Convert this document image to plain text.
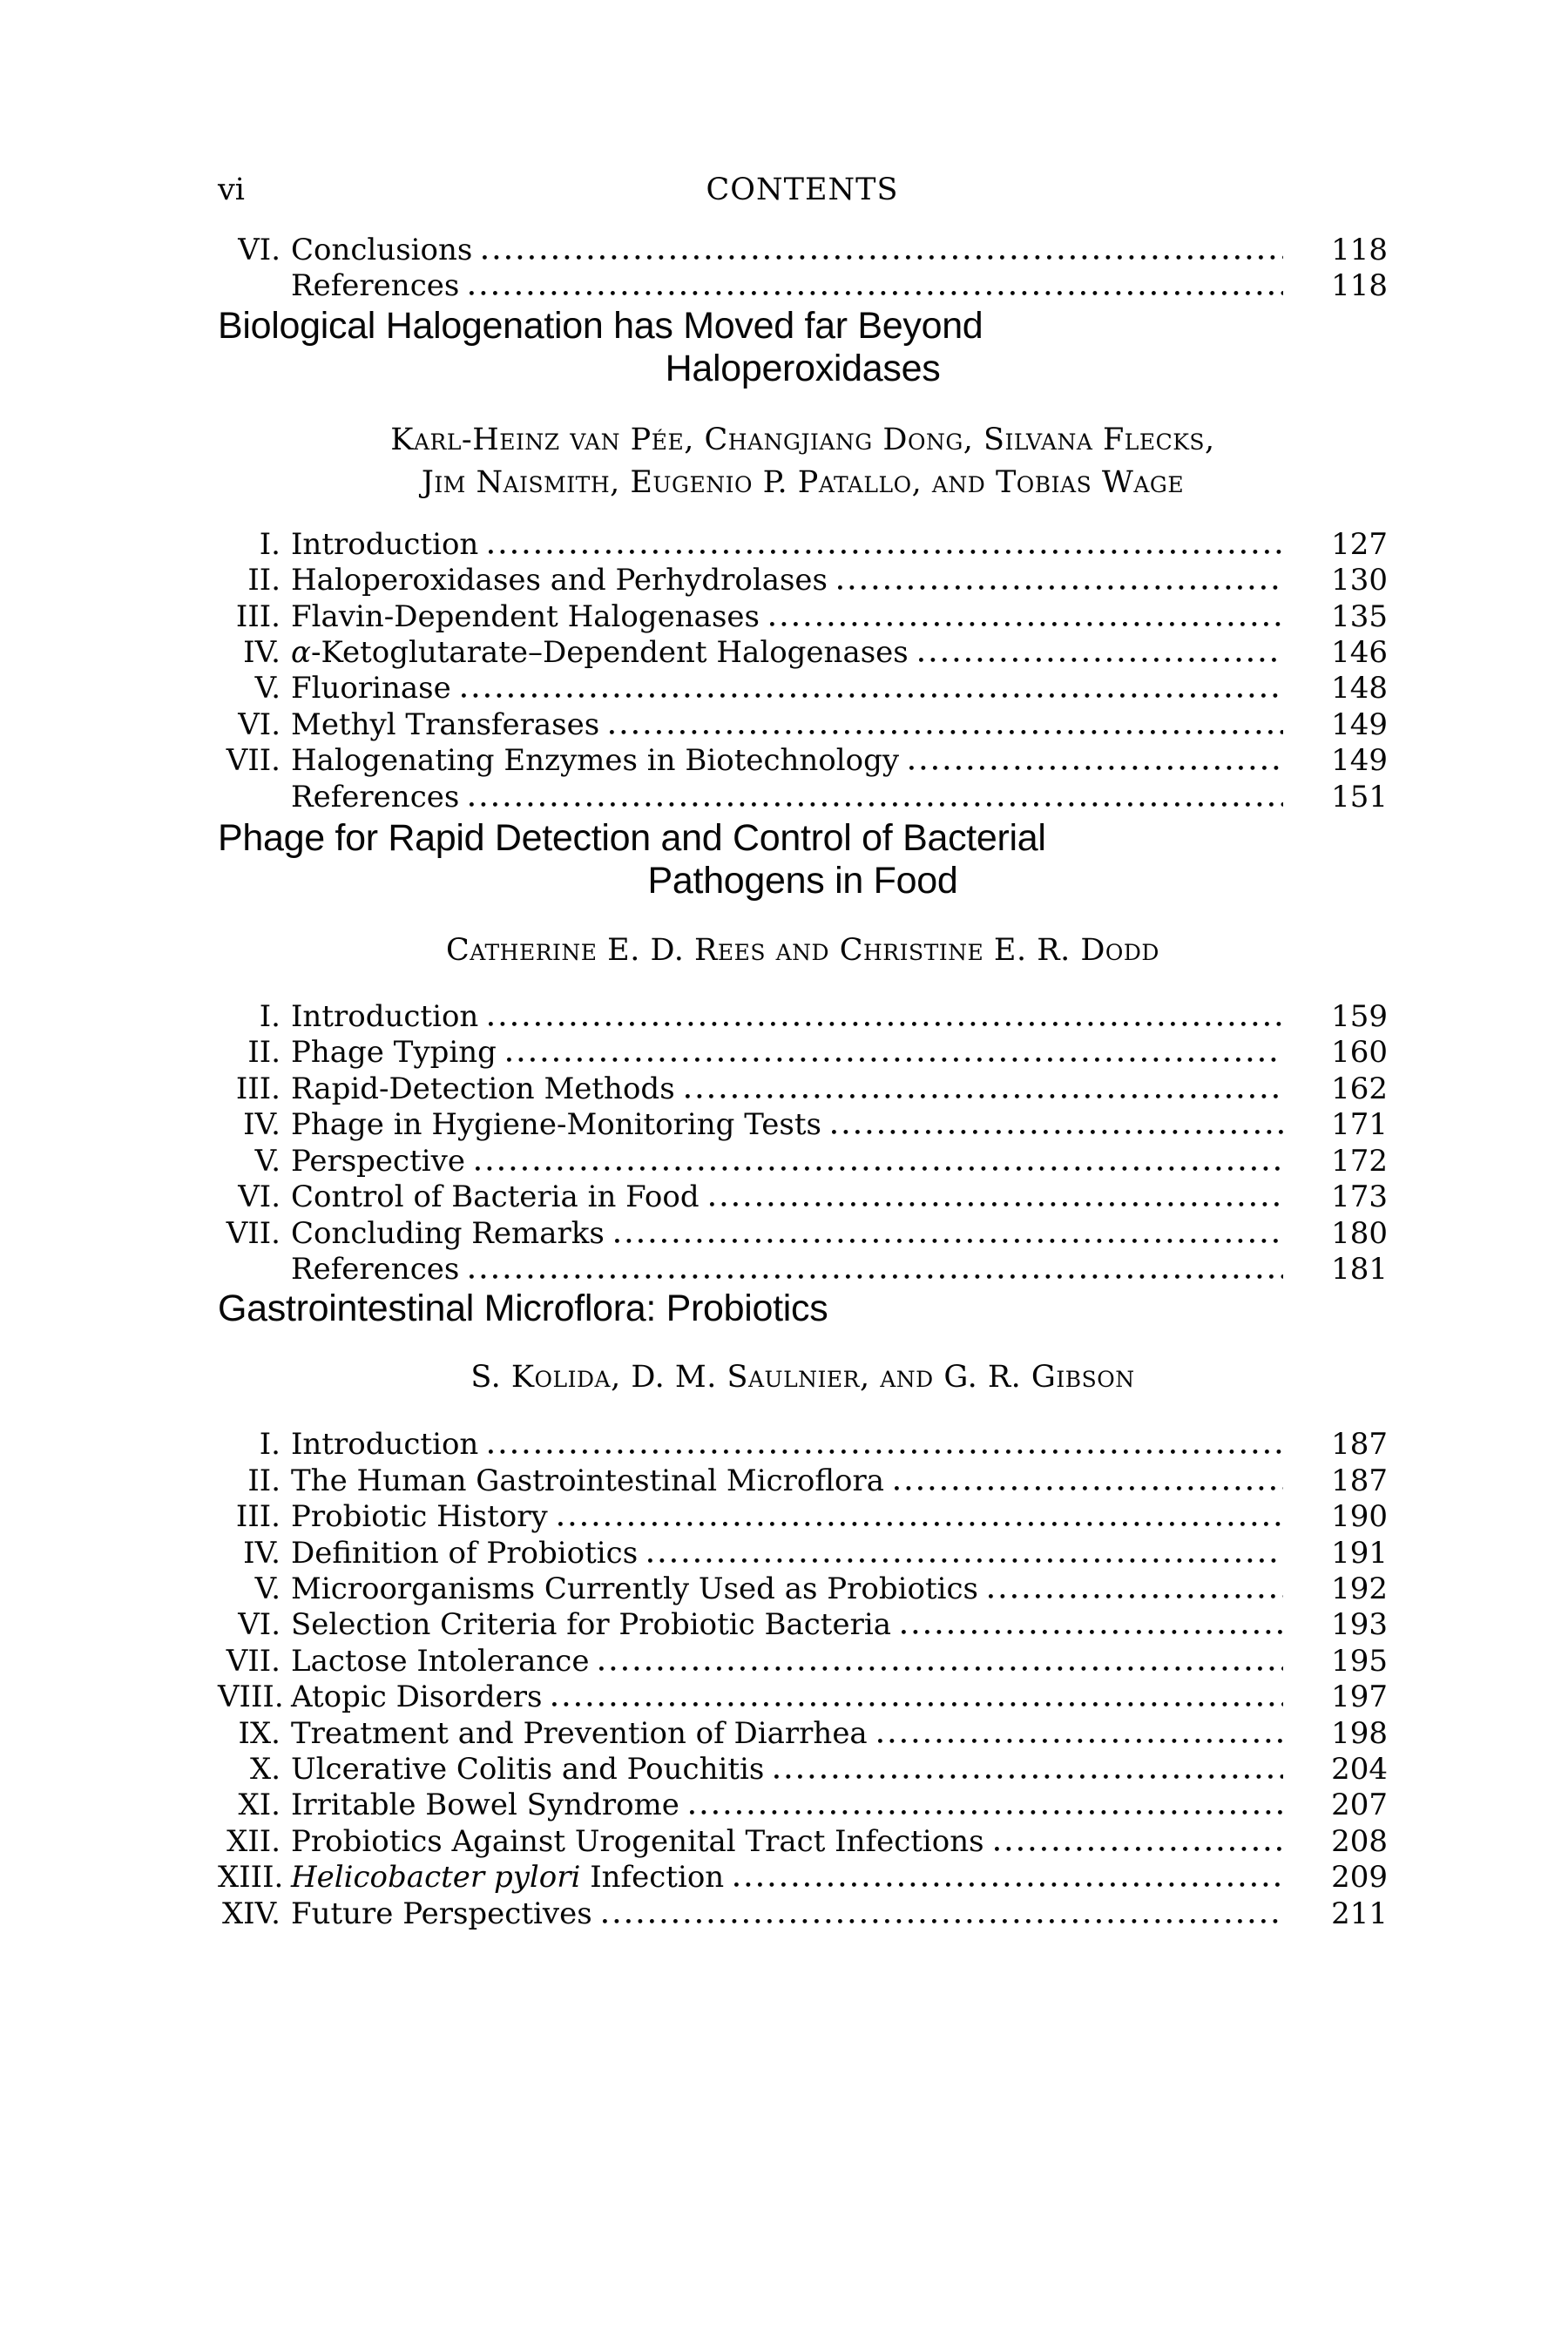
vi	CONTENTS
VI. Conclusions	118
References	118
Biological Halogenation has Moved far Beyond
Haloperoxidases
Karl-Heinz van Pée, Changjiang Dong, Silvana Flecks,
Jim Naismith, Eugenio P. Patallo, and Tobias Wage
I. Introduction	127
II. Haloperoxidases and Perhydrolases	130
III. Flavin-Dependent Halogenases	135
IV. α-Ketoglutarate–Dependent Halogenases	146
V. Fluorinase	148
VI. Methyl Transferases	149
VII. Halogenating Enzymes in Biotechnology	149
References	151
Phage for Rapid Detection and Control of Bacterial
Pathogens in Food
Catherine E. D. Rees and Christine E. R. Dodd
I. Introduction	159
II. Phage Typing	160
III. Rapid-Detection Methods	162
IV. Phage in Hygiene-Monitoring Tests	171
V. Perspective	172
VI. Control of Bacteria in Food	173
VII. Concluding Remarks	180
References	181
Gastrointestinal Microflora: Probiotics
S. Kolida, D. M. Saulnier, and G. R. Gibson
I. Introduction	187
II. The Human Gastrointestinal Microflora	187
III. Probiotic History	190
IV. Definition of Probiotics	191
V. Microorganisms Currently Used as Probiotics	192
VI. Selection Criteria for Probiotic Bacteria	193
VII. Lactose Intolerance	195
VIII. Atopic Disorders	197
IX. Treatment and Prevention of Diarrhea	198
X. Ulcerative Colitis and Pouchitis	204
XI. Irritable Bowel Syndrome	207
XII. Probiotics Against Urogenital Tract Infections	208
XIII. Helicobacter pylori Infection	209
XIV. Future Perspectives	211
